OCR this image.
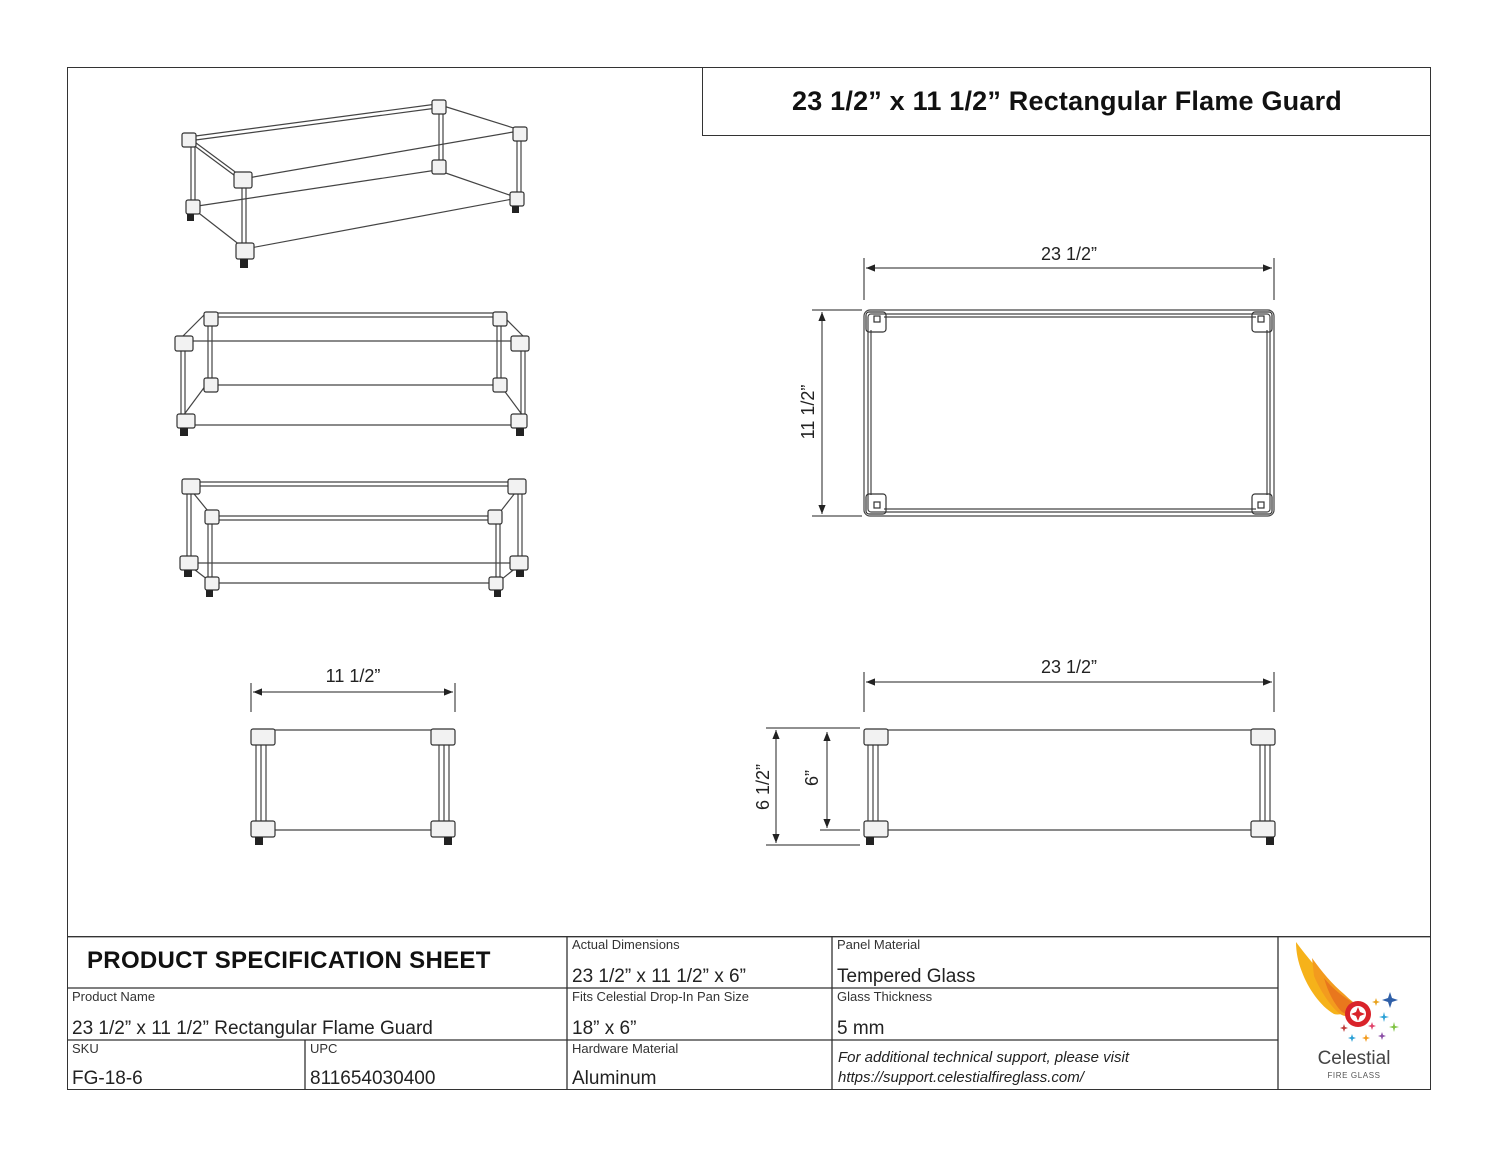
23 1/2” x 11 1/2” Rectangular Flame Guard
11 1/2”
23 1/2”
11 1/2”
23 1/2”
6 1/2” 6”
PRODUCT SPECIFICATION SHEET
Actual Dimensions
23 1/2” x 11 1/2” x 6”
Panel Material
Tempered Glass
Product Name
23 1/2” x 11 1/2” Rectangular Flame Guard
Fits Celestial Drop-In Pan Size
18” x 6”
Glass Thickness
5 mm
SKU
FG-18-6
UPC
811654030400
Hardware Material
Aluminum
For additional technical support, please visit
https://support.celestialfireglass.com/
Celestial
FIRE GLASS
